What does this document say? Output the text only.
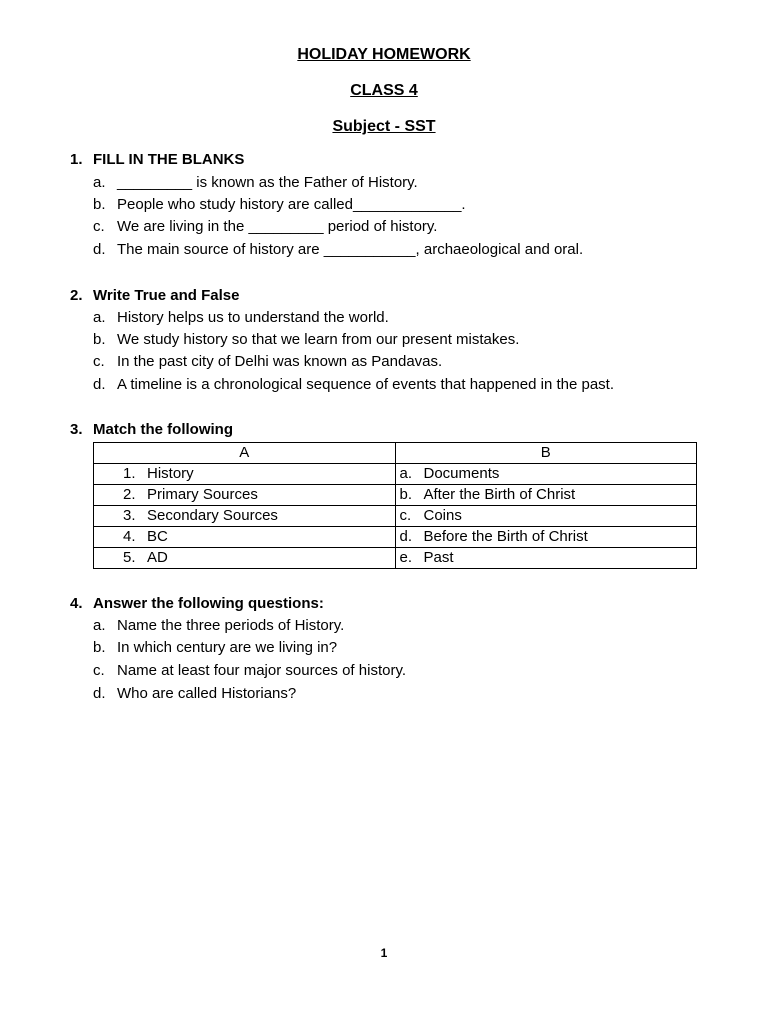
HOLIDAY HOMEWORK
CLASS 4
Subject - SST
1. FILL IN THE BLANKS
a. _________ is known as the Father of History.
b. People who study history are called_____________.
c. We are living in the _________ period of history.
d. The main source of history are ___________, archaeological and oral.
2. Write True and False
a. History helps us to understand the world.
b. We study history so that we learn from our present mistakes.
c. In the past city of Delhi was known as Pandavas.
d. A timeline is a chronological sequence of events that happened in the past.
3. Match the following
A	B
1. History	a. Documents
2. Primary Sources	b. After the Birth of Christ
3. Secondary Sources	c. Coins
4. BC	d. Before the Birth of Christ
5. AD	e. Past
4. Answer the following questions:
a. Name the three periods of History.
b. In which century are we living in?
c. Name at least four major sources of history.
d. Who are called Historians?
1
